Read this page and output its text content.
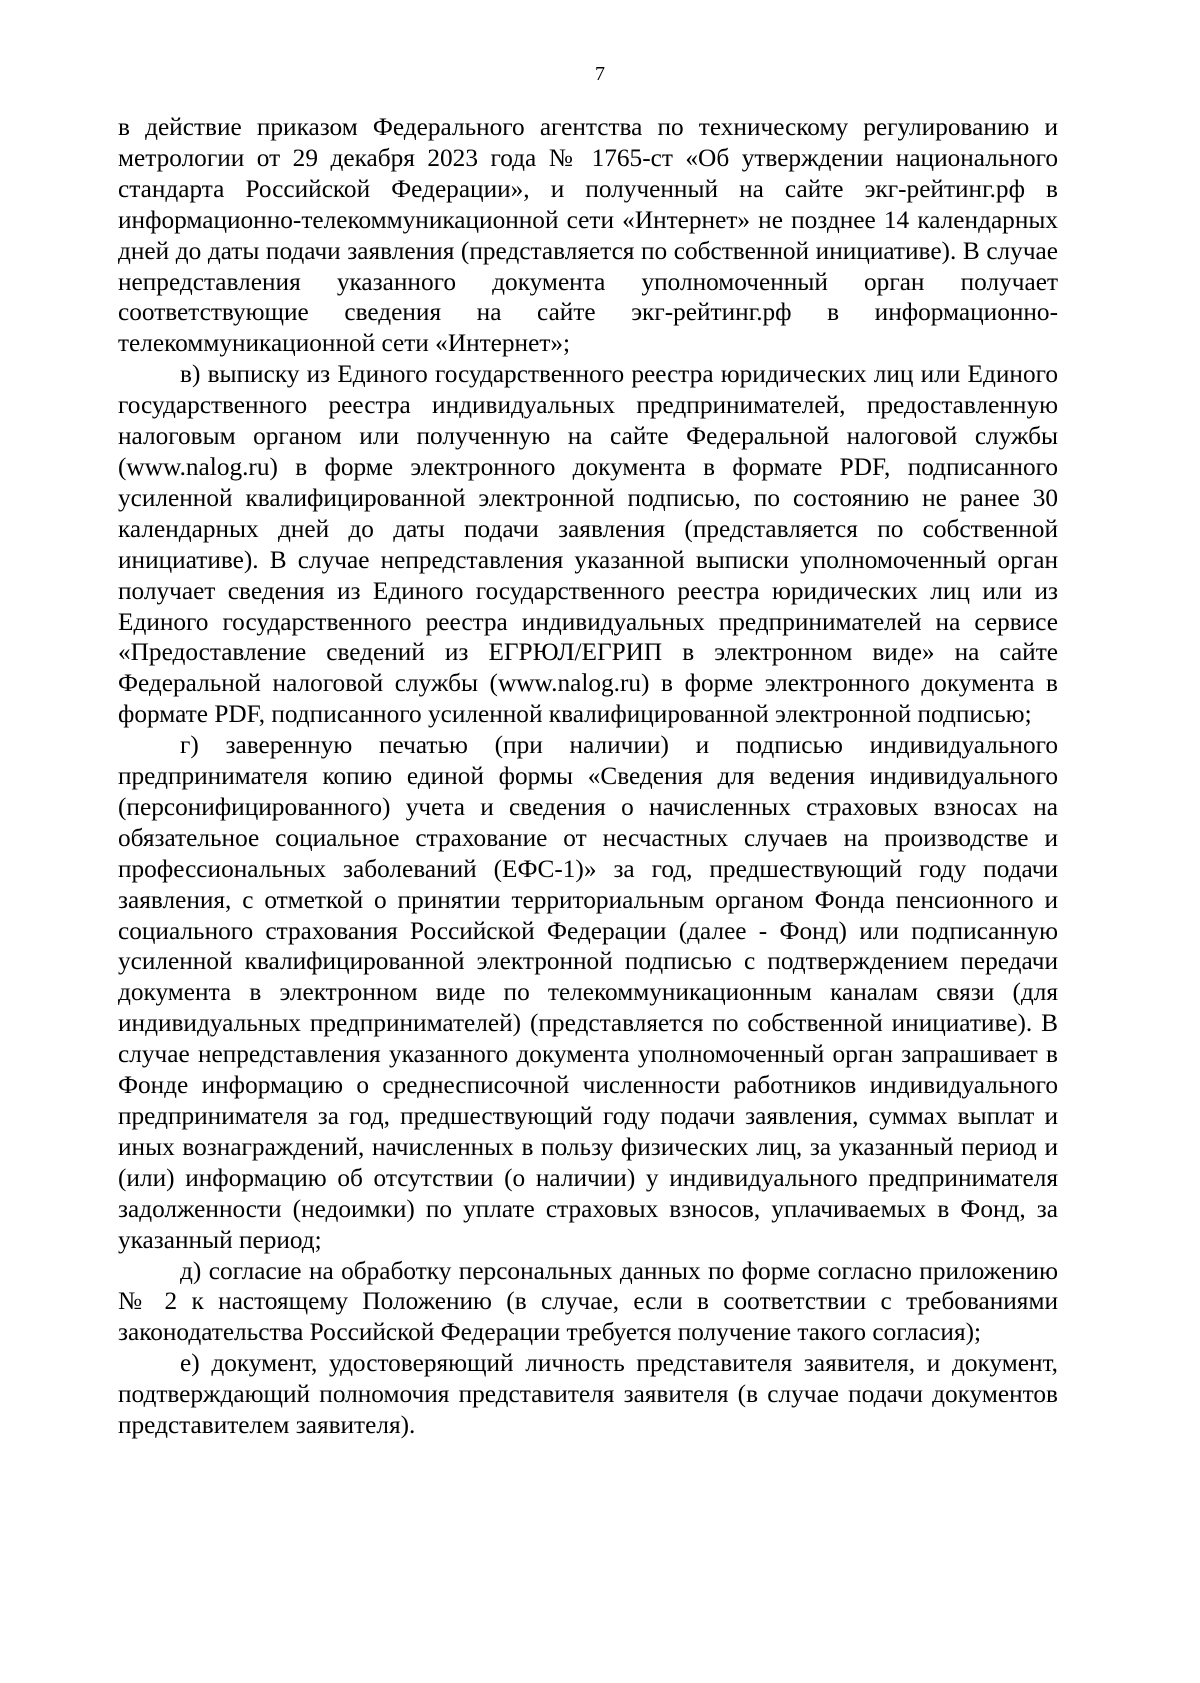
7

в действие приказом Федерального агентства по техническому регулированию и метрологии от 29 декабря 2023 года № 1765-ст «Об утверждении национального стандарта Российской Федерации», и полученный на сайте экг-рейтинг.рф в информационно-телекоммуникационной сети «Интернет» не позднее 14 календарных дней до даты подачи заявления (представляется по собственной инициативе). В случае непредставления указанного документа уполномоченный орган получает соответствующие сведения на сайте экг-рейтинг.рф в информационно-телекоммуникационной сети «Интернет»;

в) выписку из Единого государственного реестра юридических лиц или Единого государственного реестра индивидуальных предпринимателей, предоставленную налоговым органом или полученную на сайте Федеральной налоговой службы (www.nalog.ru) в форме электронного документа в формате PDF, подписанного усиленной квалифицированной электронной подписью, по состоянию не ранее 30 календарных дней до даты подачи заявления (представляется по собственной инициативе). В случае непредставления указанной выписки уполномоченный орган получает сведения из Единого государственного реестра юридических лиц или из Единого государственного реестра индивидуальных предпринимателей на сервисе «Предоставление сведений из ЕГРЮЛ/ЕГРИП в электронном виде» на сайте Федеральной налоговой службы (www.nalog.ru) в форме электронного документа в формате PDF, подписанного усиленной квалифицированной электронной подписью;

г) заверенную печатью (при наличии) и подписью индивидуального предпринимателя копию единой формы «Сведения для ведения индивидуального (персонифицированного) учета и сведения о начисленных страховых взносах на обязательное социальное страхование от несчастных случаев на производстве и профессиональных заболеваний (ЕФС-1)» за год, предшествующий году подачи заявления, с отметкой о принятии территориальным органом Фонда пенсионного и социального страхования Российской Федерации (далее - Фонд) или подписанную усиленной квалифицированной электронной подписью с подтверждением передачи документа в электронном виде по телекоммуникационным каналам связи (для индивидуальных предпринимателей) (представляется по собственной инициативе). В случае непредставления указанного документа уполномоченный орган запрашивает в Фонде информацию о среднесписочной численности работников индивидуального предпринимателя за год, предшествующий году подачи заявления, суммах выплат и иных вознаграждений, начисленных в пользу физических лиц, за указанный период и (или) информацию об отсутствии (о наличии) у индивидуального предпринимателя задолженности (недоимки) по уплате страховых взносов, уплачиваемых в Фонд, за указанный период;

д) согласие на обработку персональных данных по форме согласно приложению № 2 к настоящему Положению (в случае, если в соответствии с требованиями законодательства Российской Федерации требуется получение такого согласия);

е) документ, удостоверяющий личность представителя заявителя, и документ, подтверждающий полномочия представителя заявителя (в случае подачи документов представителем заявителя).
